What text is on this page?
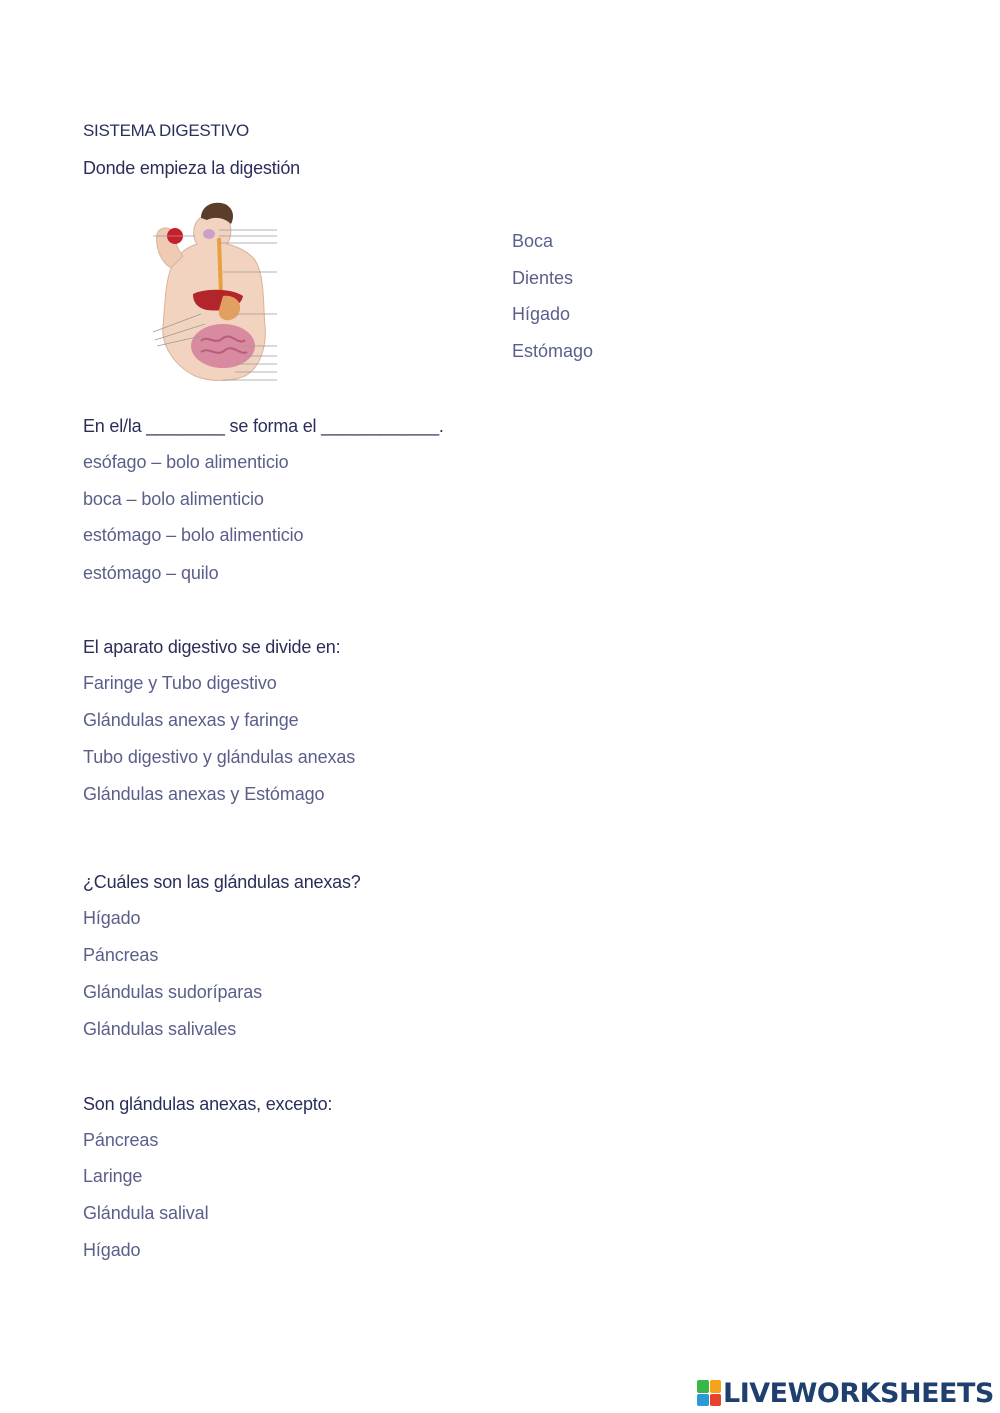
SISTEMA DIGESTIVO
Donde empieza la digestión
Boca
Dientes
Hígado
Estómago
En el/la ________ se forma el ____________.
esófago – bolo alimenticio
boca – bolo alimenticio
estómago – bolo alimenticio
estómago – quilo
El aparato digestivo se divide en:
Faringe y Tubo digestivo
Glándulas anexas y faringe
Tubo digestivo y glándulas anexas
Glándulas anexas y Estómago
¿Cuáles son las glándulas anexas?
Hígado
Páncreas
Glándulas sudoríparas
Glándulas salivales
Son glándulas anexas, excepto:
Páncreas
Laringe
Glándula salival
Hígado
LIVEWORKSHEETS
